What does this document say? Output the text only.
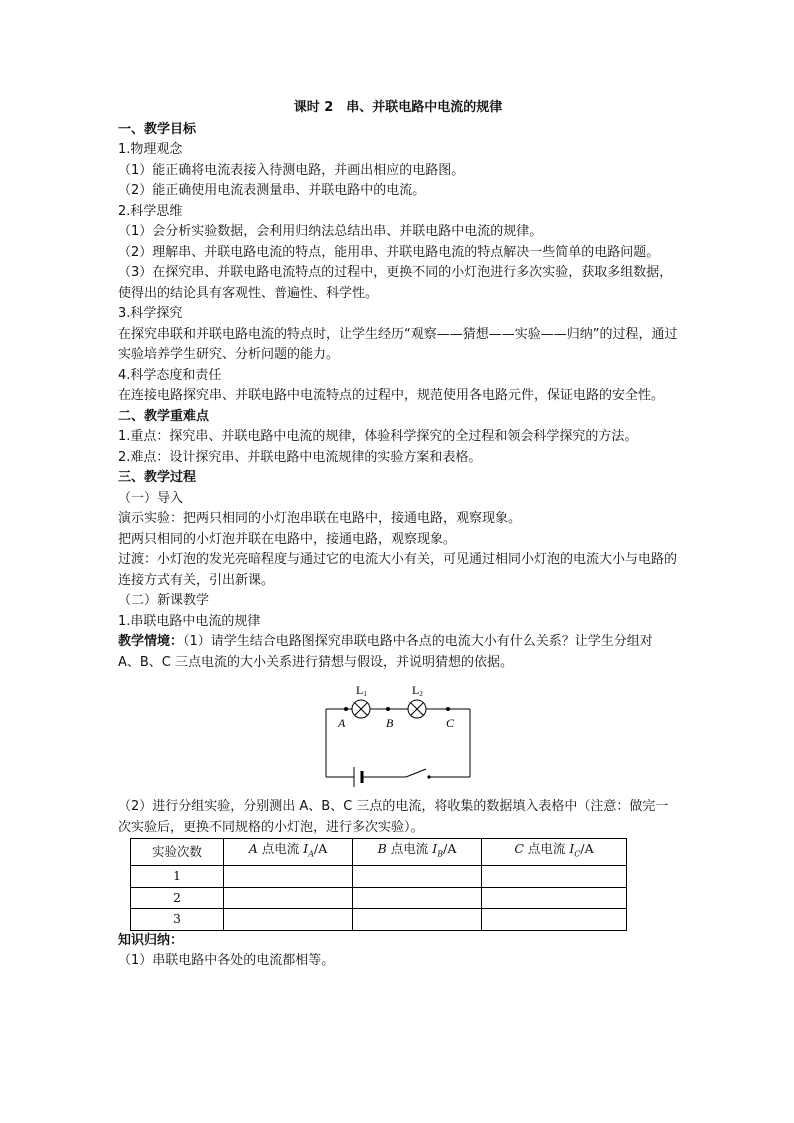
课时 2　串、并联电路中电流的规律
一、教学目标
1.物理观念
（1）能正确将电流表接入待测电路，并画出相应的电路图。
（2）能正确使用电流表测量串、并联电路中的电流。
2.科学思维
（1）会分析实验数据，会利用归纳法总结出串、并联电路中电流的规律。
（2）理解串、并联电路电流的特点，能用串、并联电路电流的特点解决一些简单的电路问题。
（3）在探究串、并联电路电流特点的过程中，更换不同的小灯泡进行多次实验，获取多组数据，使得出的结论具有客观性、普遍性、科学性。
3.科学探究
在探究串联和并联电路电流的特点时，让学生经历“观察——猜想——实验——归纳”的过程，通过实验培养学生研究、分析问题的能力。
4.科学态度和责任
在连接电路探究串、并联电路中电流特点的过程中，规范使用各电路元件，保证电路的安全性。
二、教学重难点
1.重点：探究串、并联电路中电流的规律，体验科学探究的全过程和领会科学探究的方法。
2.难点：设计探究串、并联电路中电流规律的实验方案和表格。
三、教学过程
（一）导入
演示实验：把两只相同的小灯泡串联在电路中，接通电路，观察现象。
把两只相同的小灯泡并联在电路中，接通电路，观察现象。
过渡：小灯泡的发光亮暗程度与通过它的电流大小有关，可见通过相同小灯泡的电流大小与电路的连接方式有关，引出新课。
（二）新课教学
1.串联电路中电流的规律
教学情境：（1）请学生结合电路图探究串联电路中各点的电流大小有什么关系？让学生分组对 A、B、C 三点电流的大小关系进行猜想与假设，并说明猜想的依据。
L1	L2
A	B	C
（2）进行分组实验，分别测出 A、B、C 三点的电流，将收集的数据填入表格中（注意：做完一次实验后，更换不同规格的小灯泡，进行多次实验）。
实验次数	A 点电流 $I_A/A$	B 点电流 $I_B/A$	C 点电流 $I_C/A$
1			
2			
3			
知识归纳：
（1）串联电路中各处的电流都相等。
